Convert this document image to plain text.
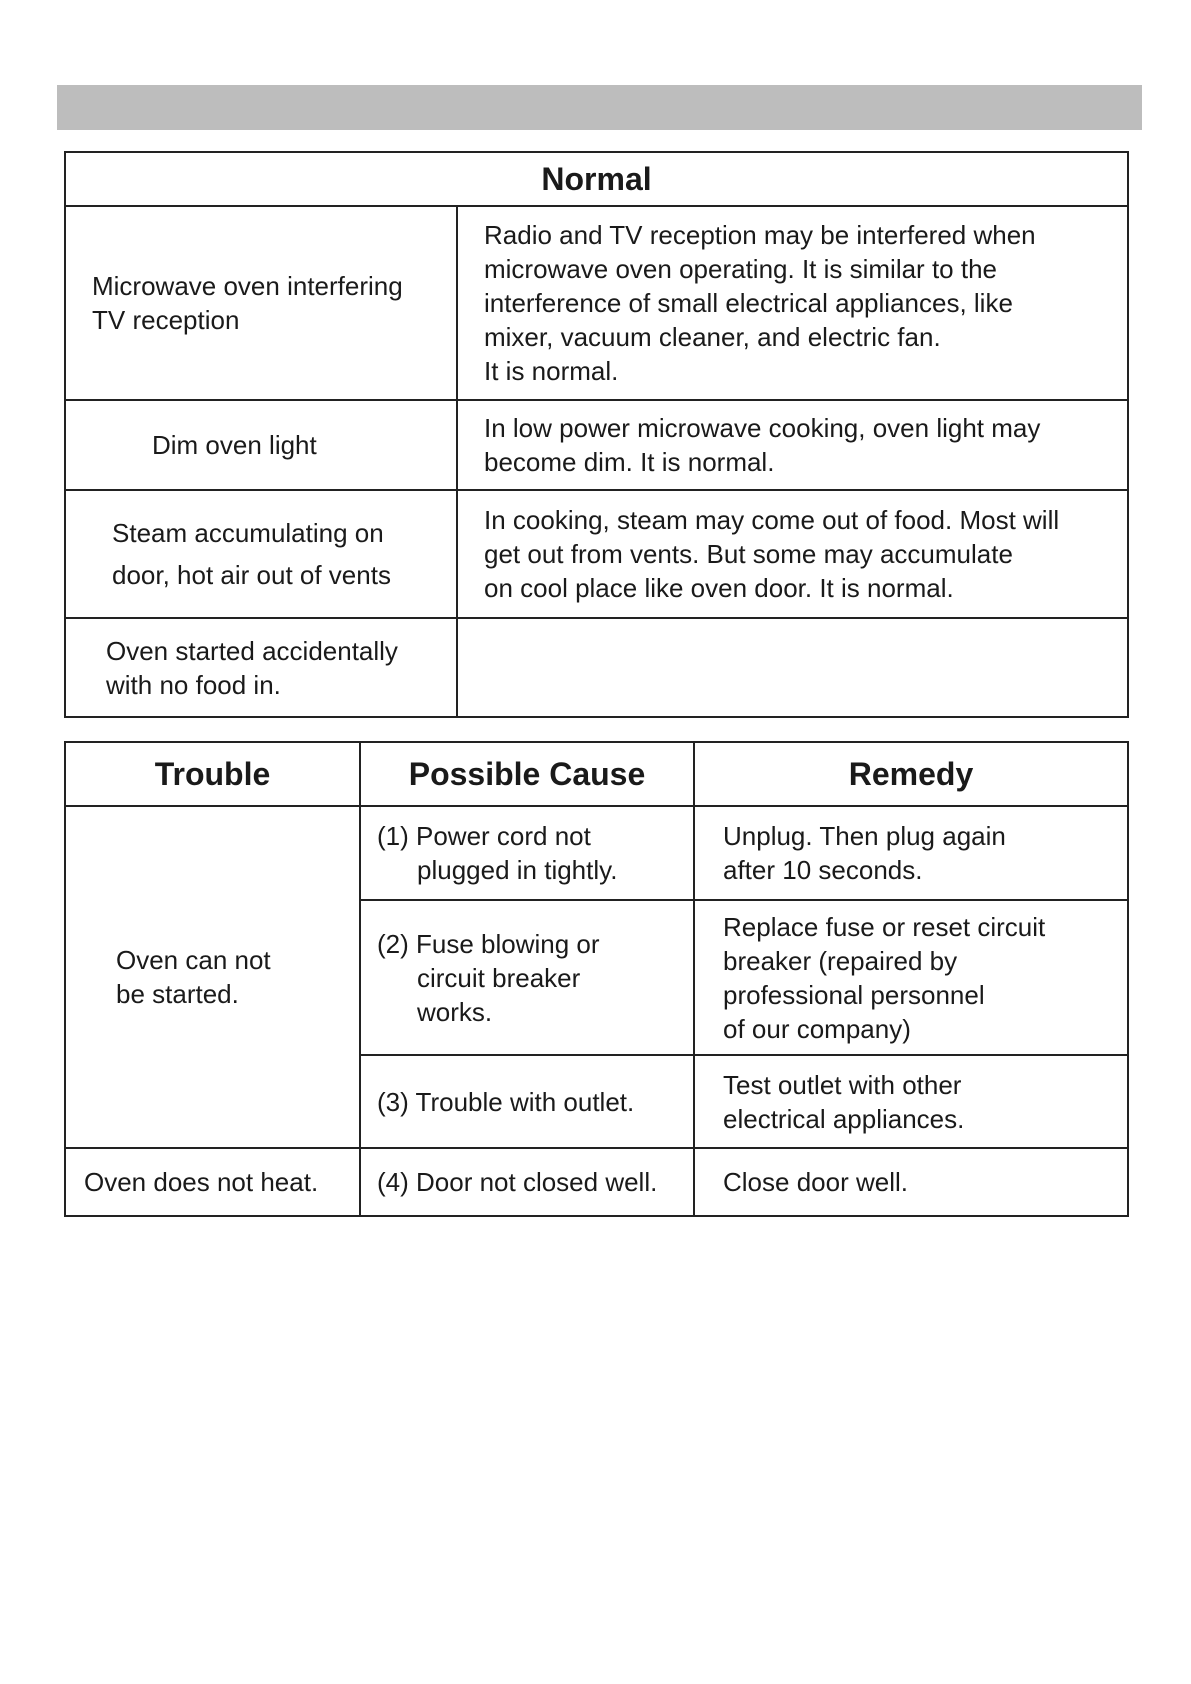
Normal	
Microwave oven interfering
TV reception	Radio and TV reception may be interfered when
microwave oven operating. It is similar to the
interference of small electrical appliances, like
mixer, vacuum cleaner, and electric fan.
It is normal.
Dim oven light	In low power microwave cooking, oven light may
become dim. It is normal.
Steam accumulating on
door, hot air out of vents	In cooking, steam may come out of food. Most will
get out from vents. But some may accumulate
on cool place like oven door. It is normal.
Oven started accidentally
with no food in.	
Trouble	Possible Cause	Remedy
Oven can not
be started.	(1) Power cord not
plugged in tightly.	Unplug. Then plug again
after 10 seconds.

	(2) Fuse blowing or
circuit breaker
works.	Replace fuse or reset circuit
breaker (repaired by
professional personnel
of our company)
	(3) Trouble with outlet.	Test outlet with other
electrical appliances.
Oven does not heat.	(4) Door not closed well.	Close door well.
